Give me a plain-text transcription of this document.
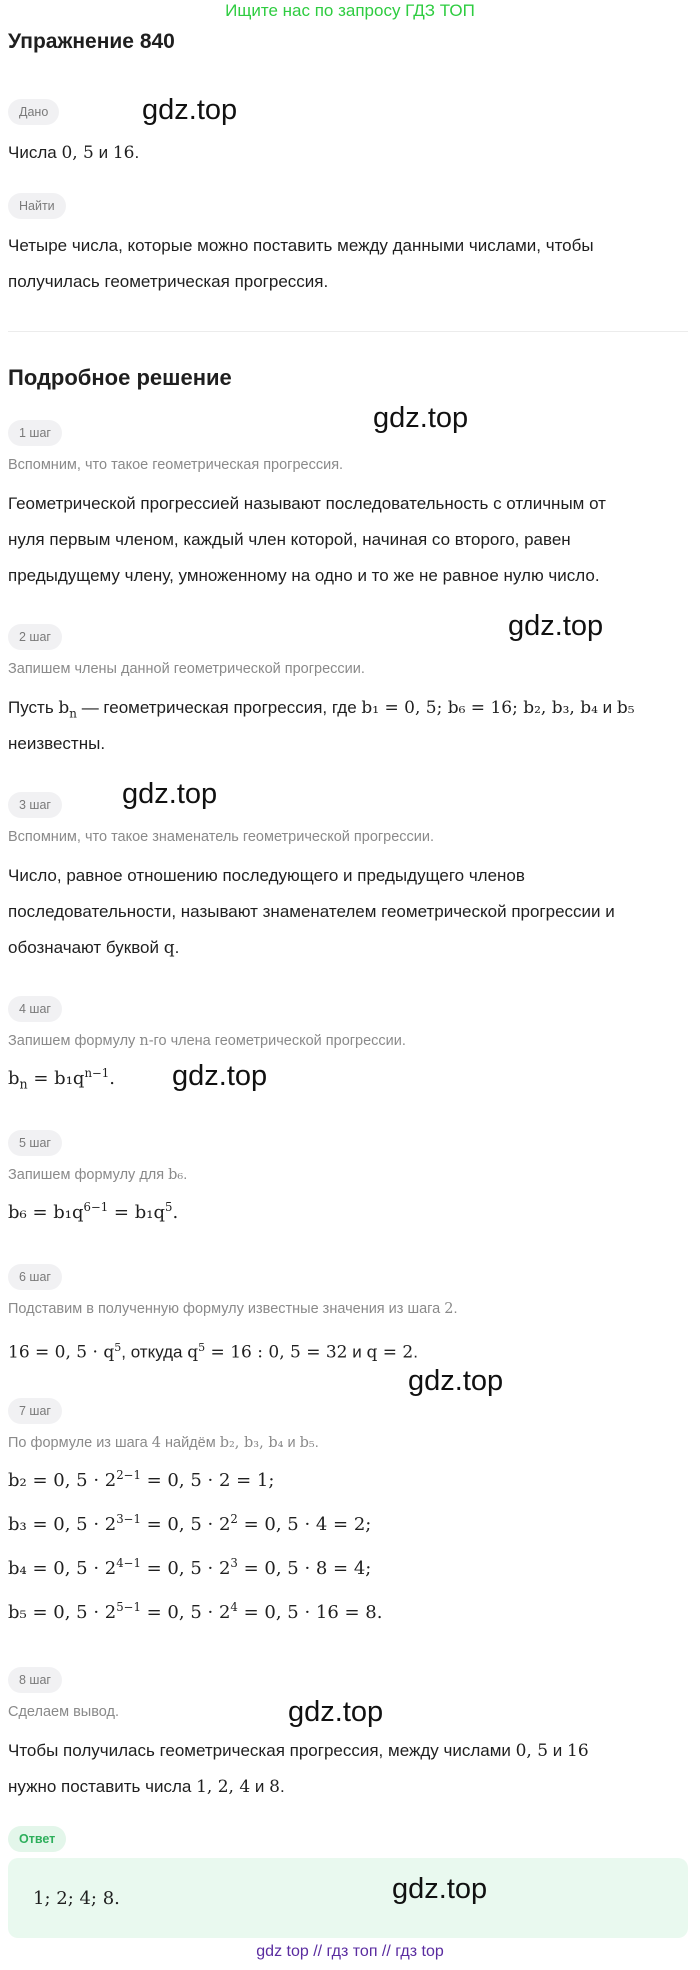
Ищите нас по запросу ГДЗ ТОП
Упражнение 840
Дано	gdz.top
Числа 0, 5 и 16.
Найти
Четыре числа, которые можно поставить между данными числами, чтобы
получилась геометрическая прогрессия.
Подробное решение
1 шаг	gdz.top
Вспомним, что такое геометрическая прогрессия.
Геометрической прогрессией называют последовательность с отличным от
нуля первым членом, каждый член которой, начиная со второго, равен
предыдущему члену, умноженному на одно и то же не равное нулю число.
2 шаг	gdz.top
Запишем члены данной геометрической прогрессии.
Пусть $b_n$ — геометрическая прогрессия, где b₁ = 0, 5; b₆ = 16; b₂, b₃, b₄ и b₅
неизвестны.
3 шаг	gdz.top
Вспомним, что такое знаменатель геометрической прогрессии.
Число, равное отношению последующего и предыдущего членов
последовательности, называют знаменателем геометрической прогрессии и
обозначают буквой q.
4 шаг
Запишем формулу n-го члена геометрической прогрессии.
$b_n = b_1q^{n-1}$. gdz.top
5 шаг
Запишем формулу для b₆.
$b_6 = b_1q^{6-1} = b_1q^5$.
6 шаг
Подставим в полученную формулу известные значения из шага 2.
16 = 0, $5 \cdot q^5$, откуда $q^5 = 16$ : 0, 5 = 32 и q = 2.
gdz.top
7 шаг
По формуле из шага 4 найдём b₂, b₃, b₄ и b₅.
b₂ = 0, $5 \cdot 2^{2-1} = 0$, 5 · 2 = 1;
b₃ = 0, $5 \cdot 2^{3-1} = 0$, $5 \cdot 2^2 = 0$, 5 · 4 = 2;
b₄ = 0, $5 \cdot 2^{4-1} = 0$, $5 \cdot 2^3 = 0$, 5 · 8 = 4;
b₅ = 0, $5 \cdot 2^{5-1} = 0$, $5 \cdot 2^4 = 0$, 5 · 16 = 8.
8 шаг
Сделаем вывод.	gdz.top
Чтобы получилась геометрическая прогрессия, между числами 0, 5 и 16
нужно поставить числа 1, 2, 4 и 8.
Ответ
1; 2; 4; 8.	gdz.top
gdz top // гдз топ // гдз top
